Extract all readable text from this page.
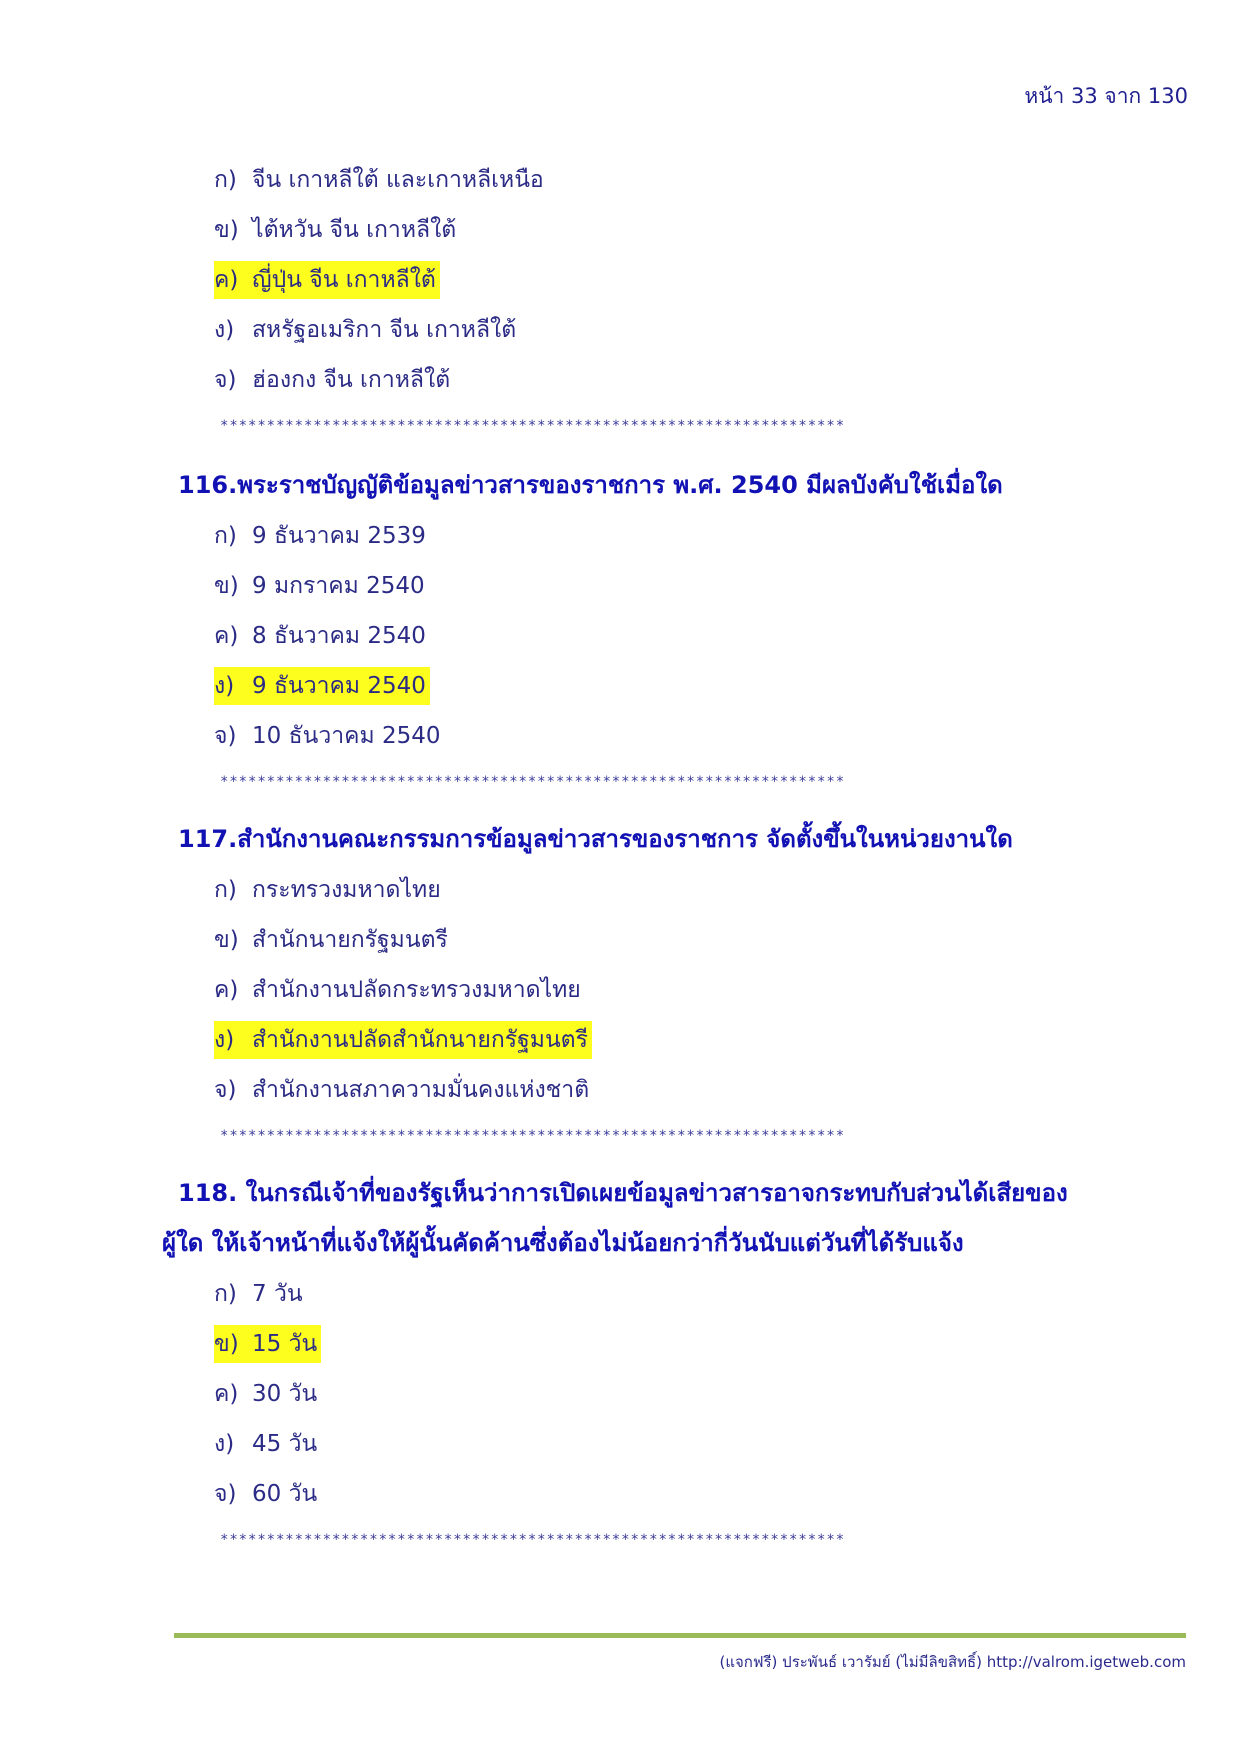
หน้า 33 จาก 130
ก) จีน เกาหลีใต้ และเกาหลีเหนือ
ข) ไต้หวัน จีน เกาหลีใต้
ค) ญี่ปุ่น จีน เกาหลีใต้
ง) สหรัฐอเมริกา จีน เกาหลีใต้
จ) ฮ่องกง จีน เกาหลีใต้
*******************************************************************
116.พระราชบัญญัติข้อมูลข่าวสารของราชการ พ.ศ. 2540 มีผลบังคับใช้เมื่อใด
ก) 9 ธันวาคม 2539
ข) 9 มกราคม 2540
ค) 8 ธันวาคม 2540
ง) 9 ธันวาคม 2540
จ) 10 ธันวาคม 2540
*******************************************************************
117.สำนักงานคณะกรรมการข้อมูลข่าวสารของราชการ จัดตั้งขึ้นในหน่วยงานใด
ก) กระทรวงมหาดไทย
ข) สำนักนายกรัฐมนตรี
ค) สำนักงานปลัดกระทรวงมหาดไทย
ง) สำนักงานปลัดสำนักนายกรัฐมนตรี
จ) สำนักงานสภาความมั่นคงแห่งชาติ
*******************************************************************
118. ในกรณีเจ้าที่ของรัฐเห็นว่าการเปิดเผยข้อมูลข่าวสารอาจกระทบกับส่วนได้เสียของ
ผู้ใด ให้เจ้าหน้าที่แจ้งให้ผู้นั้นคัดค้านซึ่งต้องไม่น้อยกว่ากี่วันนับแต่วันที่ได้รับแจ้ง
ก) 7 วัน
ข) 15 วัน
ค) 30 วัน
ง) 45 วัน
จ) 60 วัน
*******************************************************************
(แจกฟรี) ประพันธ์ เวารัมย์ (ไม่มีลิขสิทธิ์) http://valrom.igetweb.com
